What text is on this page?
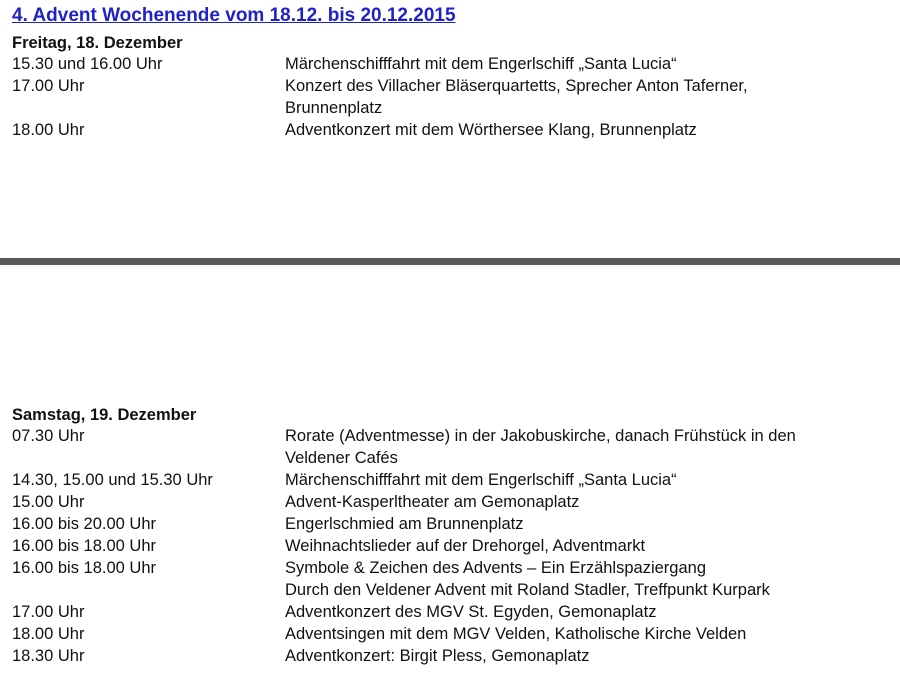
4. Advent Wochenende vom 18.12. bis 20.12.2015
Freitag, 18. Dezember
15.30 und 16.00 Uhr	Märchenschifffahrt mit dem Engerlschiff „Santa Lucia“
17.00 Uhr	Konzert des Villacher Bläserquartetts, Sprecher Anton Taferner,
Brunnenplatz
18.00 Uhr	Adventkonzert mit dem Wörthersee Klang, Brunnenplatz
Samstag, 19. Dezember
07.30 Uhr	Rorate (Adventmesse) in der Jakobuskirche, danach Frühstück in den
Veldener Cafés
14.30, 15.00 und 15.30 Uhr	Märchenschifffahrt mit dem Engerlschiff „Santa Lucia“
15.00 Uhr	Advent-Kasperltheater am Gemonaplatz
16.00 bis 20.00 Uhr	Engerlschmied am Brunnenplatz
16.00 bis 18.00 Uhr	Weihnachtslieder auf der Drehorgel, Adventmarkt
16.00 bis 18.00 Uhr	Symbole & Zeichen des Advents – Ein Erzählspaziergang
Durch den Veldener Advent mit Roland Stadler, Treffpunkt Kurpark
17.00 Uhr	Adventkonzert des MGV St. Egyden, Gemonaplatz
18.00 Uhr	Adventsingen mit dem MGV Velden, Katholische Kirche Velden
18.30 Uhr	Adventkonzert: Birgit Pless, Gemonaplatz
